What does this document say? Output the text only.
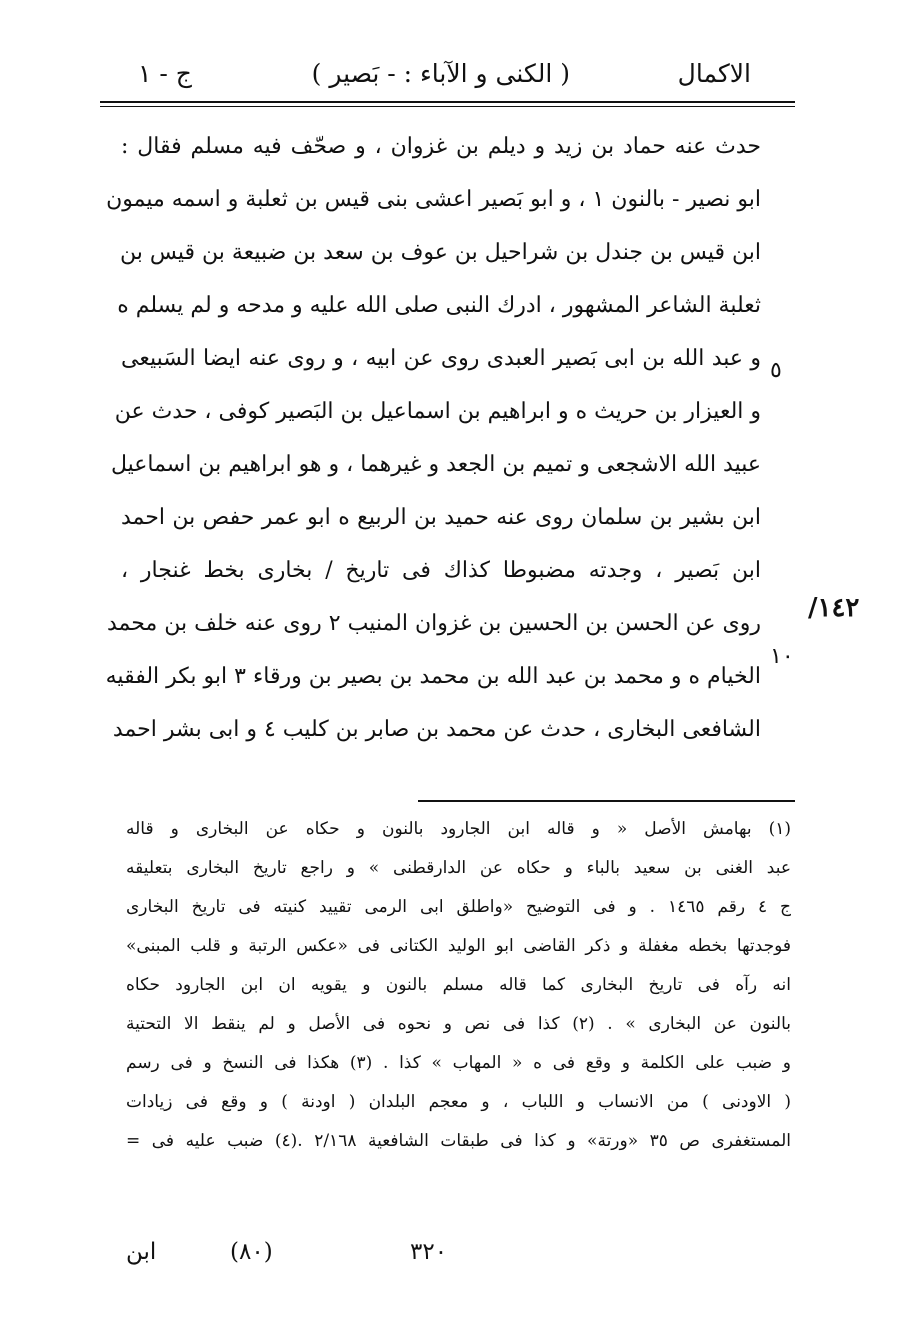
الاكمال
( الكنى و الآباء : - بَصير )
ج - ١
١٤٢/
٥
١٠
حدث عنه حماد بن زيد و ديلم بن غزوان ، و صحّف فيه مسلم فقال :
ابو نصير - بالنون ١ ، و ابو بَصير اعشى بنى قيس بن ثعلبة و اسمه ميمون
ابن قيس بن جندل بن شراحيل بن عوف بن سعد بن ضبيعة بن قيس بن
ثعلبة الشاعر المشهور ، ادرك النبى صلى الله عليه و مدحه و لم يسلم ه
و عبد الله بن ابى بَصير العبدى روى عن ابيه ، و روى عنه ايضا السَبيعى
و العيزار بن حريث ه و ابراهيم بن اسماعيل بن البَصير كوفى ، حدث عن
عبيد الله الاشجعى و تميم بن الجعد و غيرهما ، و هو ابراهيم بن اسماعيل
ابن بشير بن سلمان روى عنه حميد بن الربيع ه ابو عمر حفص بن احمد
ابن بَصير ، وجدته مضبوطا كذاك فى تاريخ / بخارى بخط غنجار ،
روى عن الحسن بن الحسين بن غزوان المنيب ٢ روى عنه خلف بن محمد
الخيام ه و محمد بن عبد الله بن محمد بن بصير بن ورقاء ٣ ابو بكر الفقيه
الشافعى البخارى ، حدث عن محمد بن صابر بن كليب ٤ و ابى بشر احمد
(١) بهامش الأصل « و قاله ابن الجارود بالنون و حكاه عن البخارى و قاله
عبد الغنى بن سعيد بالباء و حكاه عن الدارقطنى » و راجع تاريخ البخارى بتعليقه
ج ٤ رقم ١٤٦٥ . و فى التوضيح «واطلق ابى الرمى تقييد كنيته فى تاريخ البخارى
فوجدتها بخطه مغفلة و ذكر القاضى ابو الوليد الكتانى فى «عكس الرتبة و قلب المبنى»
انه رآه فى تاريخ البخارى كما قاله مسلم بالنون و يقويه ان ابن الجارود حكاه
بالنون عن البخارى » . (٢) كذا فى نص و نحوه فى الأصل و لم ينقط الا التحتية
و ضبب على الكلمة و وقع فى ه « المهاب » كذا . (٣) هكذا فى النسخ و فى رسم
( الاودنى ) من الانساب و اللباب ، و معجم البلدان ( اودنة ) و وقع فى زيادات
المستغفرى ص ٣٥ «ورتة» و كذا فى طبقات الشافعية ٢/١٦٨ .(٤) ضبب عليه فى =
ابن	(٨٠)	٣٢٠
